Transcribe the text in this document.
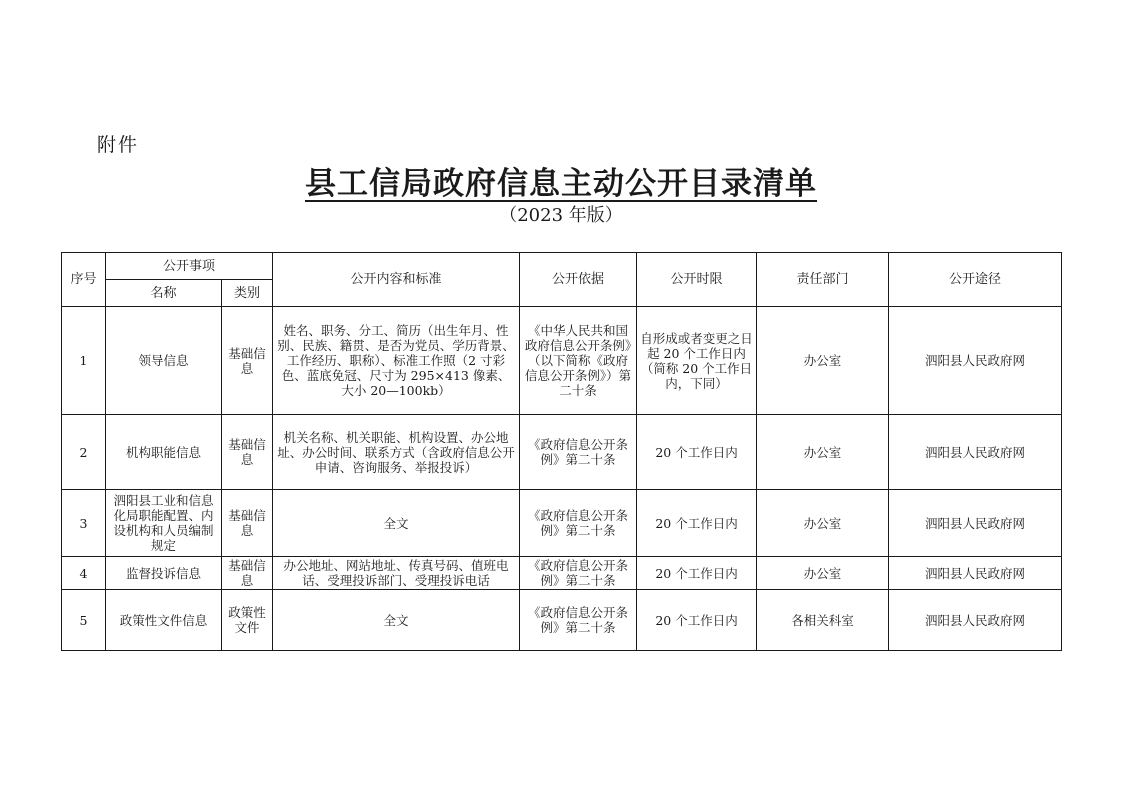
附件
县工信局政府信息主动公开目录清单
（2023 年版）
序号	公开事项		公开内容和标准	公开依据	公开时限	责任部门	公开途径
	名称	类别					
1	领导信息	基础信息	姓名、职务、分工、简历（出生年月、性别、民族、籍贯、是否为党员、学历背景、工作经历、职称）、标准工作照（2 寸彩色、蓝底免冠、尺寸为 295×413 像素、大小 20—100kb）	《中华人民共和国政府信息公开条例》（以下简称《政府信息公开条例》）第二十条	自形成或者变更之日起 20 个工作日内（简称 20 个工作日内，下同）	办公室	泗阳县人民政府网
2	机构职能信息	基础信息	机关名称、机关职能、机构设置、办公地址、办公时间、联系方式（含政府信息公开申请、咨询服务、举报投诉）	《政府信息公开条例》第二十条	20 个工作日内	办公室	泗阳县人民政府网
3	泗阳县工业和信息化局职能配置、内设机构和人员编制规定	基础信息	全文	《政府信息公开条例》第二十条	20 个工作日内	办公室	泗阳县人民政府网
4	监督投诉信息	基础信息	办公地址、网站地址、传真号码、值班电话、受理投诉部门、受理投诉电话	《政府信息公开条例》第二十条	20 个工作日内	办公室	泗阳县人民政府网
5	政策性文件信息	政策性文件	全文	《政府信息公开条例》第二十条	20 个工作日内	各相关科室	泗阳县人民政府网
